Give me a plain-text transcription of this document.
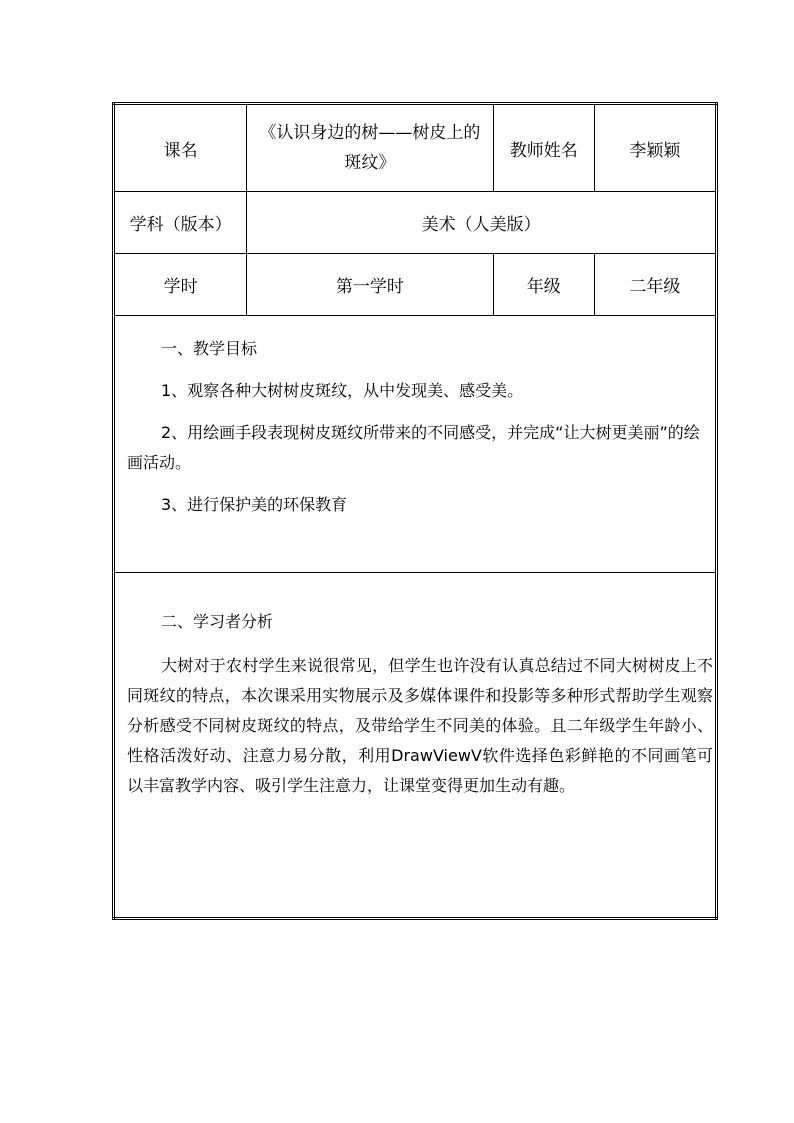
课名	《认识身边的树——树皮上的斑纹》	教师姓名	李颖颖
学科（版本）	美术（人美版）		
学时	第一学时	年级	二年级

一、教学目标

1、观察各种大树树皮斑纹，从中发现美、感受美。

2、用绘画手段表现树皮斑纹所带来的不同感受，并完成“让大树更美丽”的绘画活动。

3、进行保护美的环保教育			

二、学习者分析

大树对于农村学生来说很常见，但学生也许没有认真总结过不同大树树皮上不同斑纹的特点，本次课采用实物展示及多媒体课件和投影等多种形式帮助学生观察分析感受不同树皮斑纹的特点，及带给学生不同美的体验。且二年级学生年龄小、性格活泼好动、注意力易分散，利用DrawViewV软件选择色彩鲜艳的不同画笔可以丰富教学内容、吸引学生注意力，让课堂变得更加生动有趣。			
